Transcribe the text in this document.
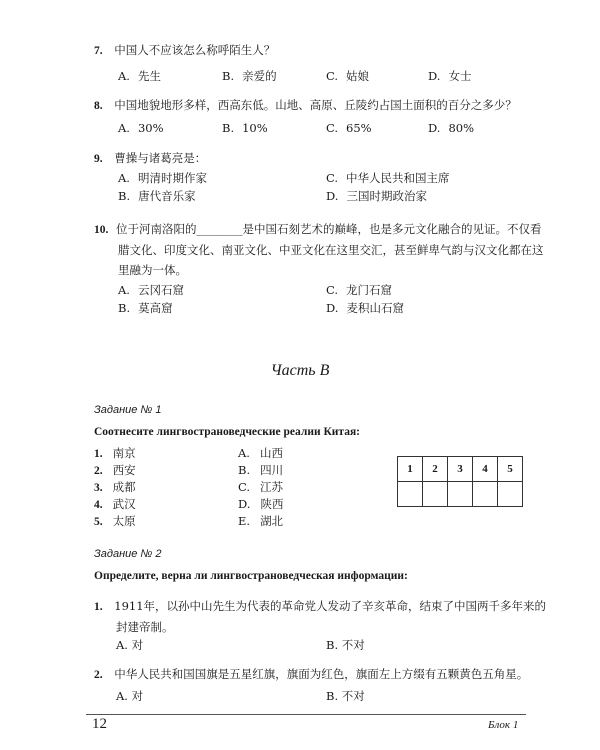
7. 中国人不应该怎么称呼陌生人？
A. 先生	B. 亲爱的	C. 姑娘	D. 女士
8. 中国地貌地形多样，西高东低。山地、高原、丘陵约占国土面积的百分之多少？
A. 30%	B. 10%	C. 65%	D. 80%
9. 曹操与诸葛亮是：
A. 明清时期作家
B. 唐代音乐家
C. 中华人民共和国主席
D. 三国时期政治家
10. 位于河南洛阳的________是中国石刻艺术的巅峰，也是多元文化融合的见证。不仅看
腊文化、印度文化、南亚文化、中亚文化在这里交汇，甚至鲜卑气韵与汉文化都在这
里融为一体。
A. 云冈石窟
B. 莫高窟
C. 龙门石窟
D. 麦积山石窟
Часть В
Задание № 1
Соотнесите лингвострановедческие реалии Китая:
1. 南京
2. 西安
3. 成都
4. 武汉
5. 太原
A. 山西
B. 四川
C. 江苏
D. 陕西
E. 湖北
1	2	3	4	5

Задание № 2
Определите, верна ли лингвострановедческая информации:
1. 1911年，以孙中山先生为代表的革命党人发动了辛亥革命，结束了中国两千多年来的
封建帝制。
A. 对	B. 不对
2. 中华人民共和国国旗是五星红旗，旗面为红色，旗面左上方缀有五颗黄色五角星。
A. 对	B. 不对
12	Блок 1
